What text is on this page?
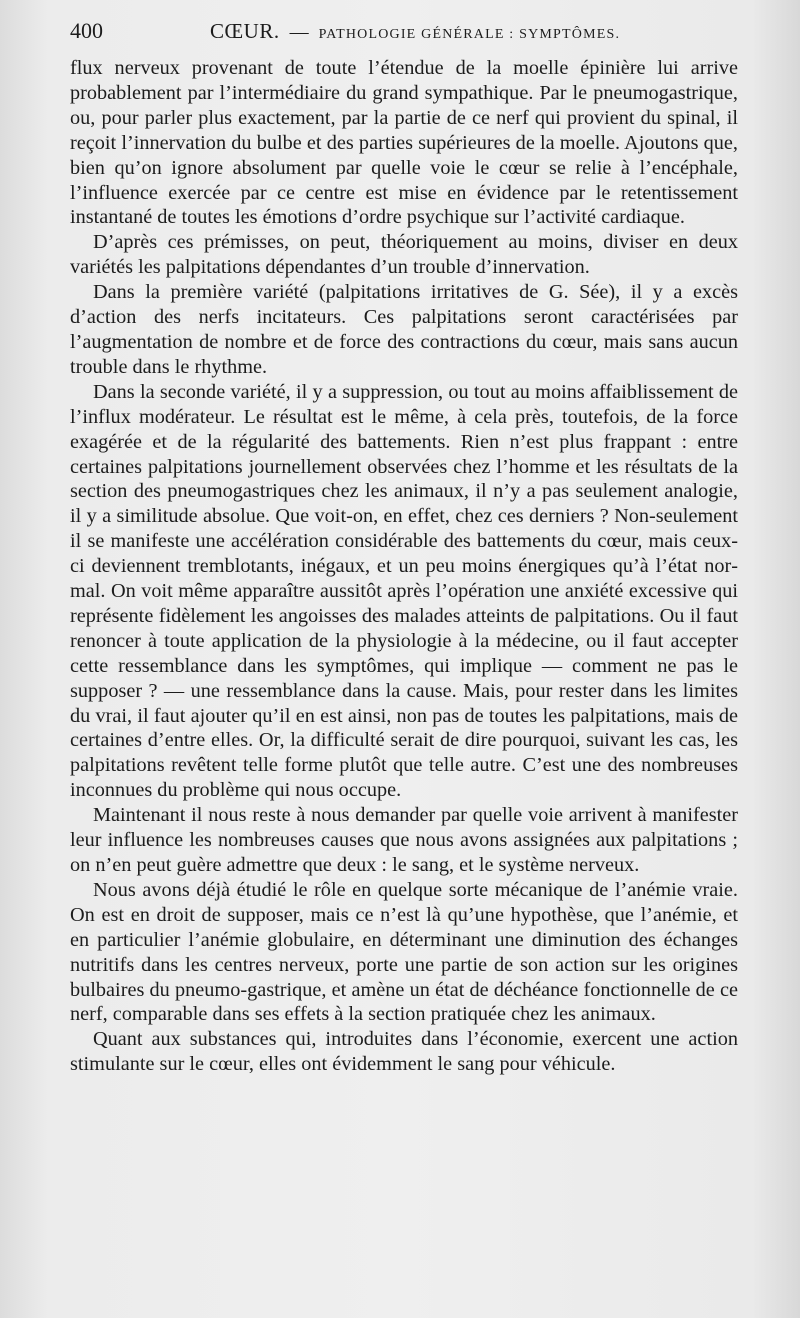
400	CŒUR. — PATHOLOGIE GÉNÉRALE : SYMPTÔMES.

flux nerveux provenant de toute l’étendue de la moelle épinière lui arrive probablement par l’intermédiaire du grand sympathique. Par le pneumogastrique, ou, pour parler plus exactement, par la partie de ce nerf qui provient du spinal, il reçoit l’innervation du bulbe et des parties supérieures de la moelle. Ajoutons que, bien qu’on ignore absolument par quelle voie le cœur se relie à l’encéphale, l’influence exercée par ce centre est mise en évidence par le retentissement instantané de toutes les émotions d’ordre psychique sur l’activité cardiaque.

D’après ces prémisses, on peut, théoriquement au moins, diviser en deux variétés les palpitations dépendantes d’un trouble d’innervation.

Dans la première variété (palpitations irritatives de G. Sée), il y a excès d’action des nerfs incitateurs. Ces palpitations seront caractérisées par l’augmentation de nombre et de force des contractions du cœur, mais sans aucun trouble dans le rhythme.

Dans la seconde variété, il y a suppression, ou tout au moins affaiblissement de l’influx modérateur. Le résultat est le même, à cela près, toutefois, de la force exagérée et de la régularité des battements. Rien n’est plus frappant : entre certaines palpitations journellement observées chez l’homme et les résultats de la section des pneumogastriques chez les animaux, il n’y a pas seulement analogie, il y a similitude absolue. Que voit-on, en effet, chez ces derniers ? Non-seulement il se manifeste une accélération considérable des battements du cœur, mais ceux-ci deviennent tremblotants, inégaux, et un peu moins énergiques qu’à l’état normal. On voit même apparaître aussitôt après l’opération une anxiété excessive qui représente fidèlement les angoisses des malades atteints de palpitations. Ou il faut renoncer à toute application de la physiologie à la médecine, ou il faut accepter cette ressemblance dans les symptômes, qui implique — comment ne pas le supposer ? — une ressemblance dans la cause. Mais, pour rester dans les limites du vrai, il faut ajouter qu’il en est ainsi, non pas de toutes les palpitations, mais de certaines d’entre elles. Or, la difficulté serait de dire pourquoi, suivant les cas, les palpitations revêtent telle forme plutôt que telle autre. C’est une des nombreuses inconnues du problème qui nous occupe.

Maintenant il nous reste à nous demander par quelle voie arrivent à manifester leur influence les nombreuses causes que nous avons assignées aux palpitations ; on n’en peut guère admettre que deux : le sang, et le système nerveux.

Nous avons déjà étudié le rôle en quelque sorte mécanique de l’anémie vraie. On est en droit de supposer, mais ce n’est là qu’une hypothèse, que l’anémie, et en particulier l’anémie globulaire, en déterminant une diminution des échanges nutritifs dans les centres nerveux, porte une partie de son action sur les origines bulbaires du pneumo-gastrique, et amène un état de déchéance fonctionnelle de ce nerf, comparable dans ses effets à la section pratiquée chez les animaux.

Quant aux substances qui, introduites dans l’économie, exercent une action stimulante sur le cœur, elles ont évidemment le sang pour véhicule.
